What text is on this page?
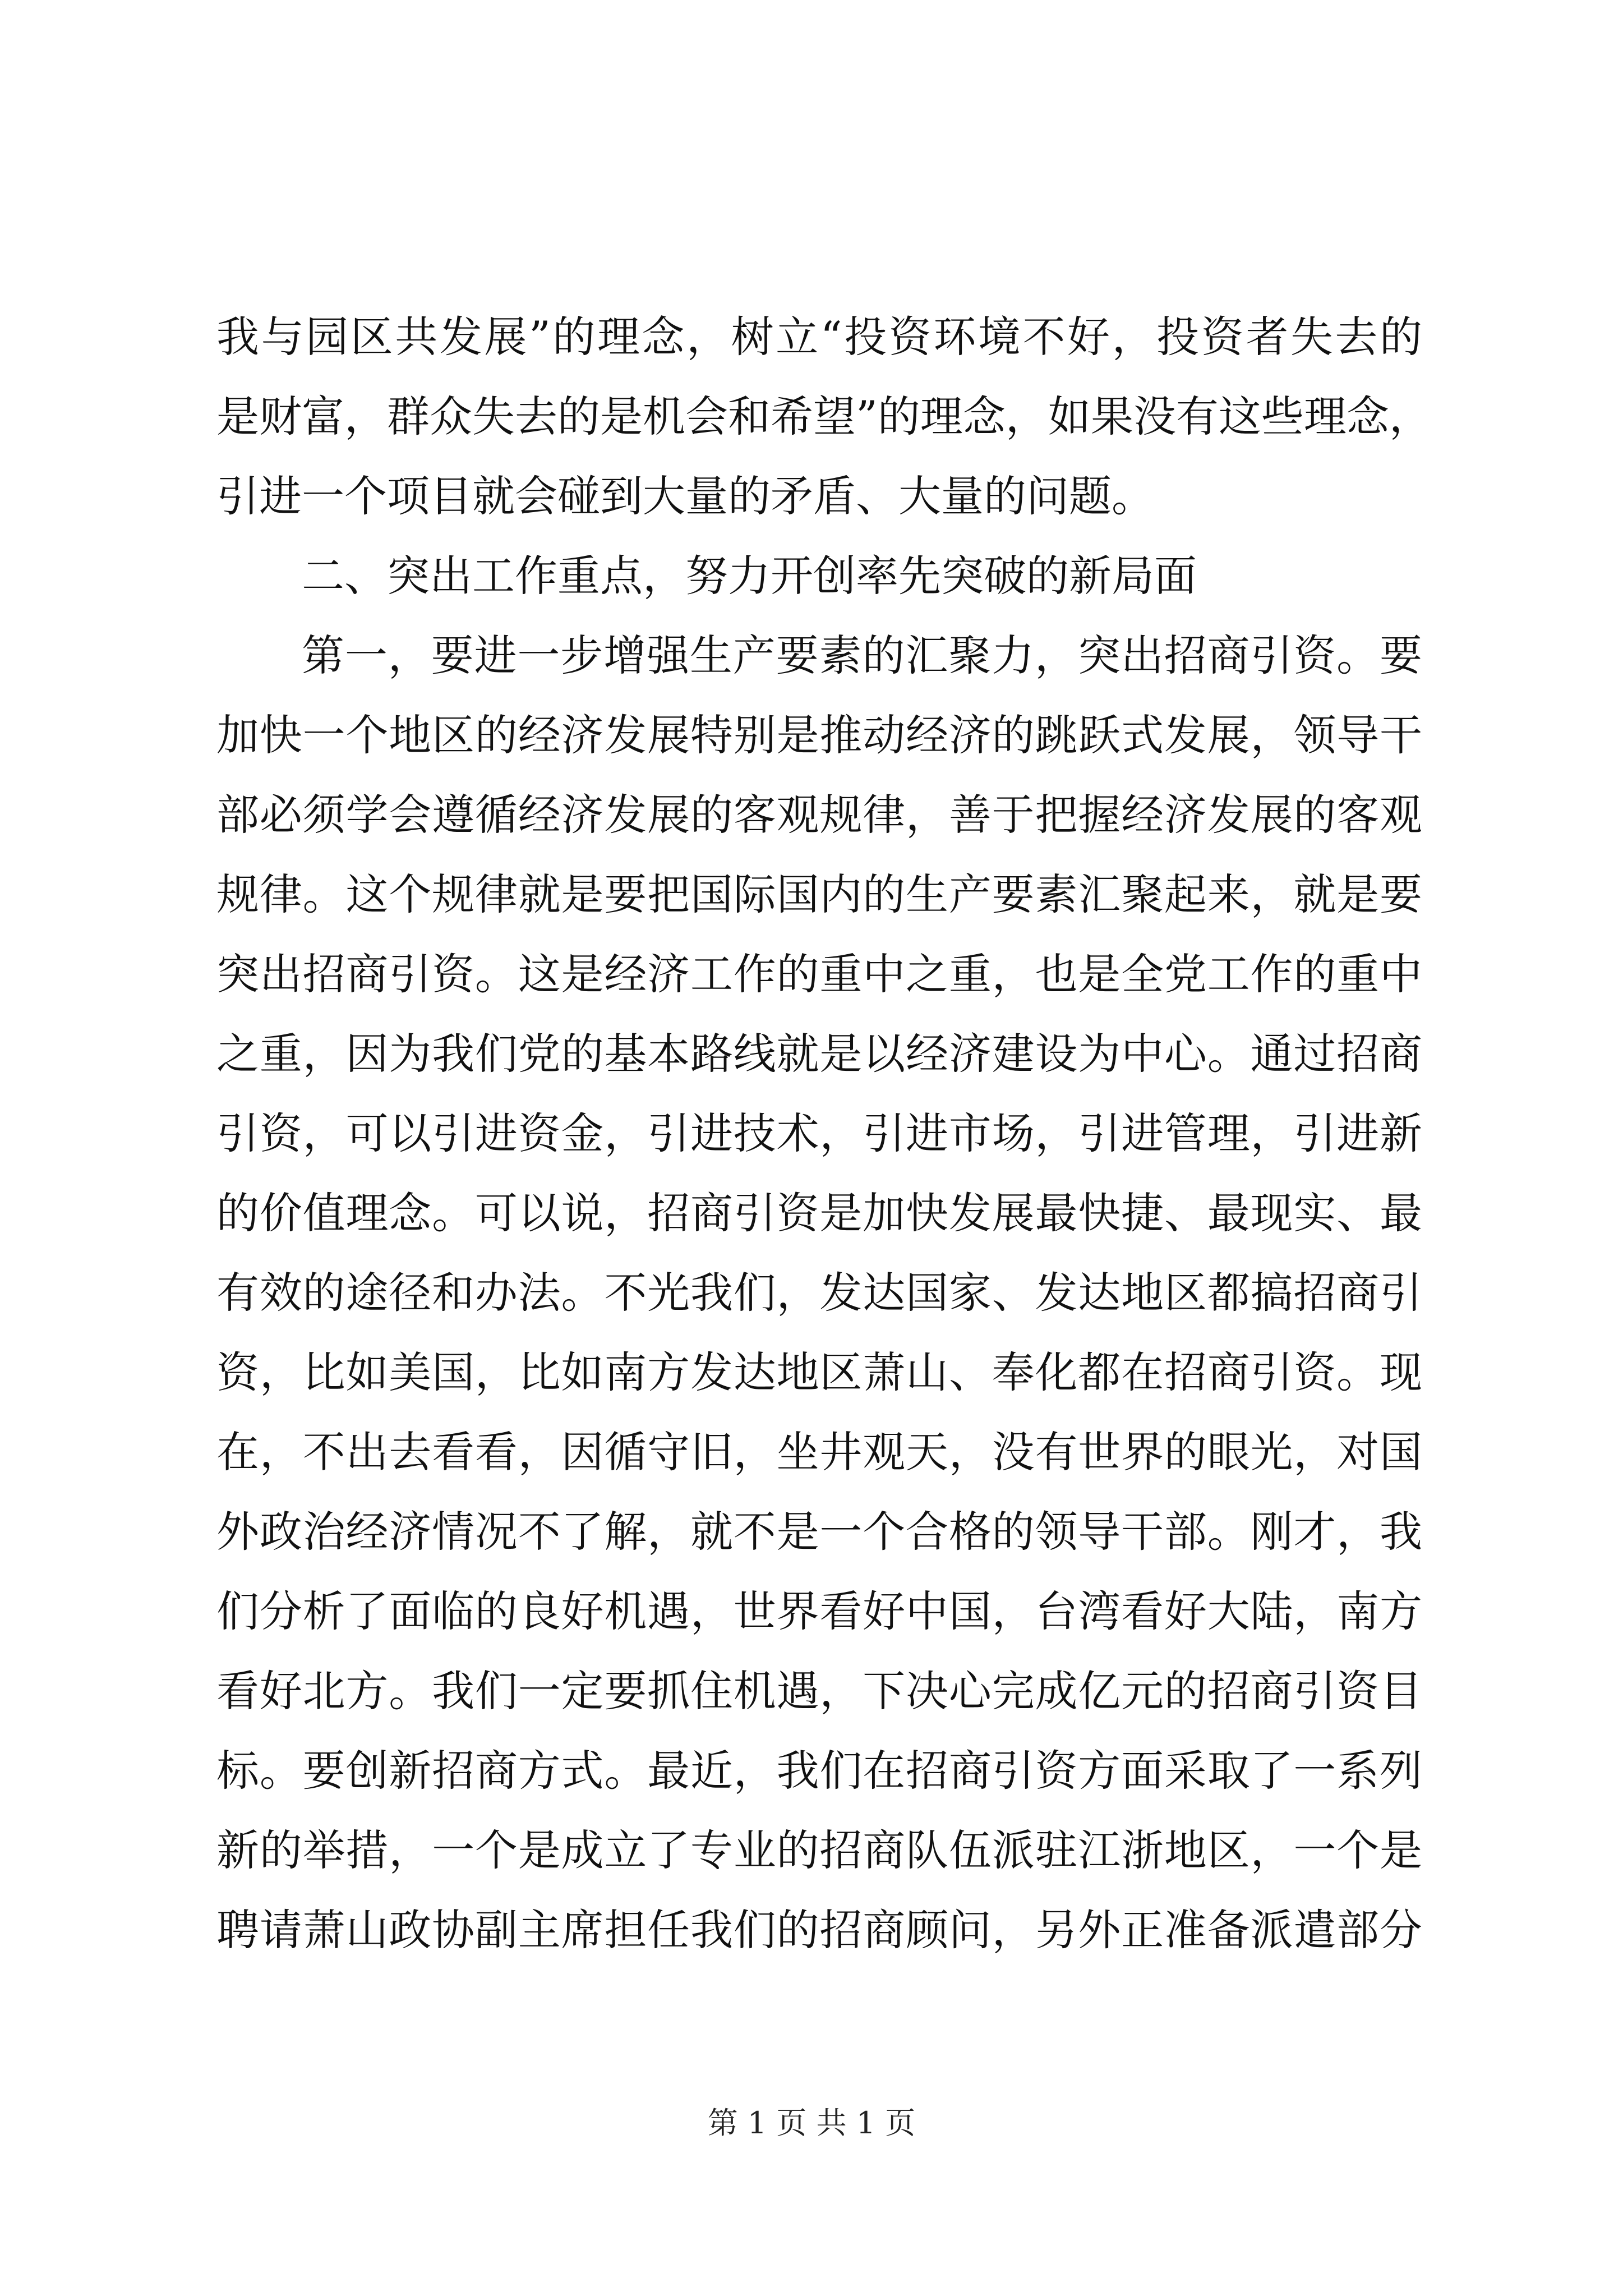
我与园区共发展”的理念，树立“投资环境不好，投资者失去的
是财富，群众失去的是机会和希望”的理念，如果没有这些理念，
引进一个项目就会碰到大量的矛盾、大量的问题。
二、突出工作重点，努力开创率先突破的新局面
第一，要进一步增强生产要素的汇聚力，突出招商引资。要
加快一个地区的经济发展特别是推动经济的跳跃式发展，领导干
部必须学会遵循经济发展的客观规律，善于把握经济发展的客观
规律。这个规律就是要把国际国内的生产要素汇聚起来，就是要
突出招商引资。这是经济工作的重中之重，也是全党工作的重中
之重，因为我们党的基本路线就是以经济建设为中心。通过招商
引资，可以引进资金，引进技术，引进市场，引进管理，引进新
的价值理念。可以说，招商引资是加快发展最快捷、最现实、最
有效的途径和办法。不光我们，发达国家、发达地区都搞招商引
资，比如美国，比如南方发达地区萧山、奉化都在招商引资。现
在，不出去看看，因循守旧，坐井观天，没有世界的眼光，对国
外政治经济情况不了解，就不是一个合格的领导干部。刚才，我
们分析了面临的良好机遇，世界看好中国，台湾看好大陆，南方
看好北方。我们一定要抓住机遇，下决心完成亿元的招商引资目
标。要创新招商方式。最近，我们在招商引资方面采取了一系列
新的举措，一个是成立了专业的招商队伍派驻江浙地区，一个是
聘请萧山政协副主席担任我们的招商顾问，另外正准备派遣部分
第 1 页 共 1 页
